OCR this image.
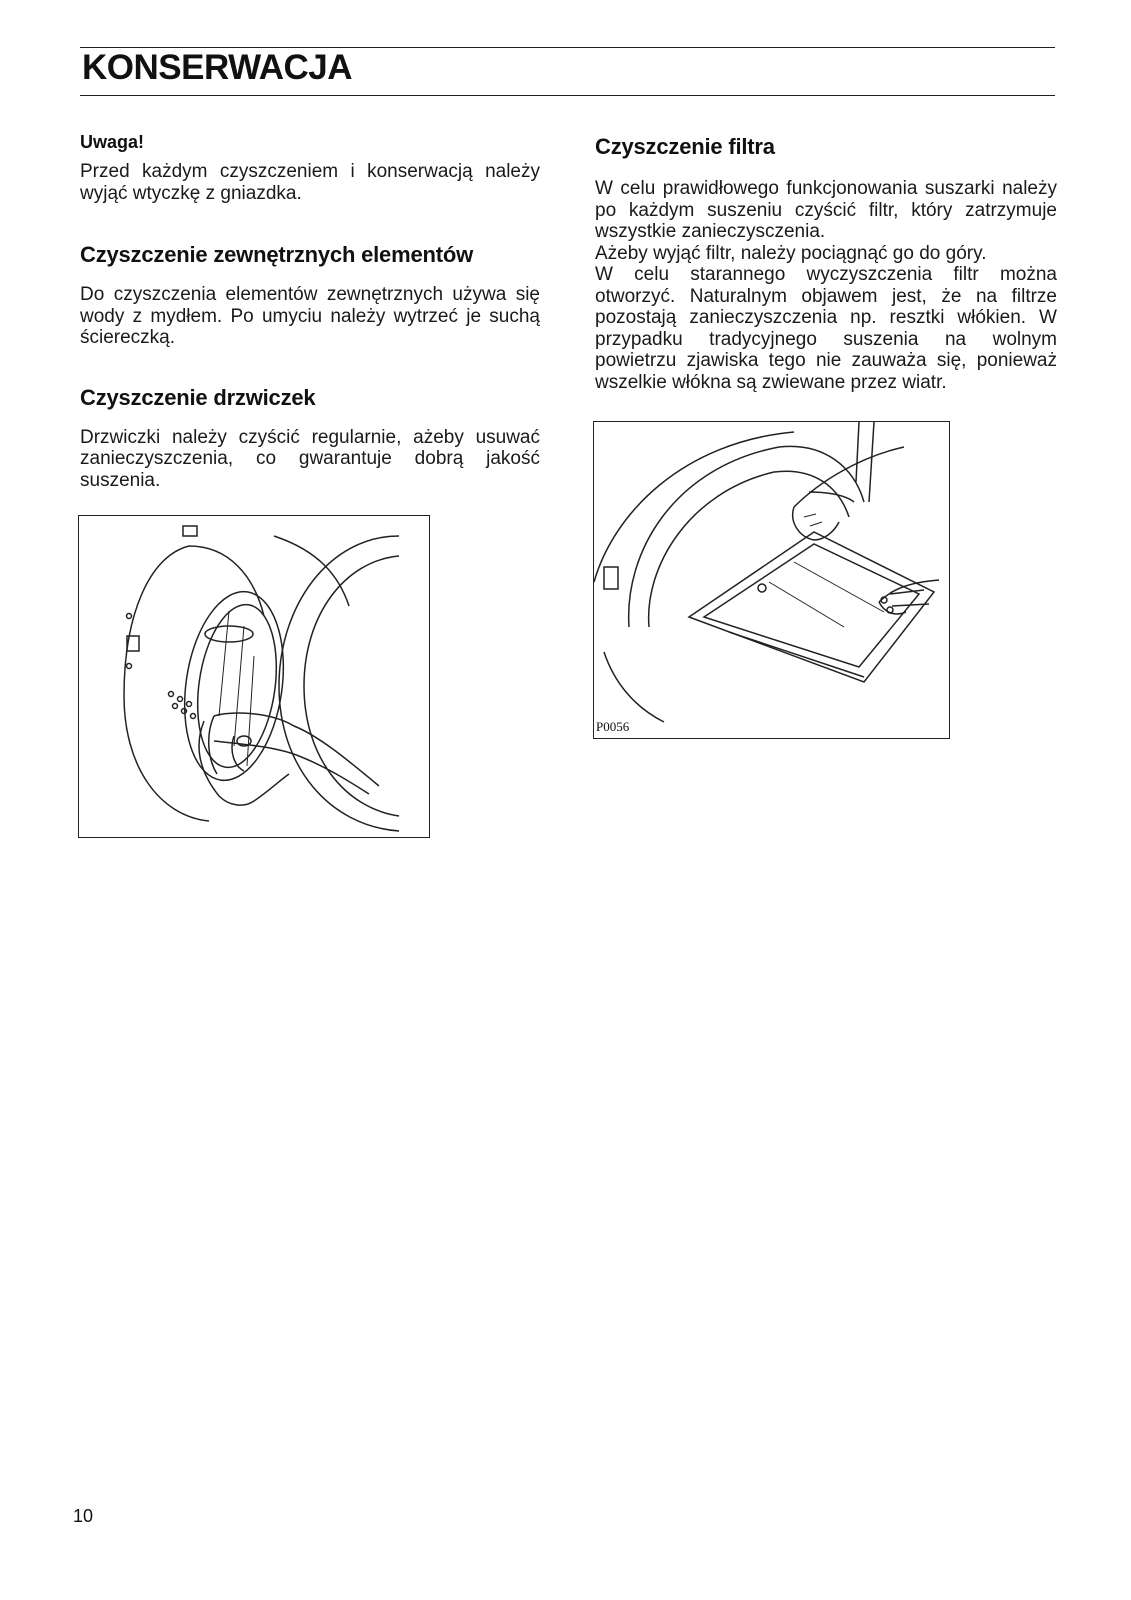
KONSERWACJA
Uwaga!

Przed każdym czyszczeniem i konserwacją należy wyjąć wtyczkę z gniazdka.

Czyszczenie zewnętrznych elementów

Do czyszczenia elementów zewnętrznych używa się wody z mydłem. Po umyciu należy wytrzeć je suchą ściereczką.

Czyszczenie drzwiczek

Drzwiczki należy czyścić regularnie, ażeby usuwać zanieczyszczenia, co gwarantuje dobrą jakość suszenia.

Czyszczenie filtra

W celu prawidłowego funkcjonowania suszarki należy po każdym suszeniu czyścić filtr, który zatrzymuje wszystkie zanieczysczenia.

Ażeby wyjąć filtr, należy pociągnąć go do góry.

W celu starannego wyczyszczenia filtr można otworzyć. Naturalnym objawem jest, że na filtrze pozostają zanieczyszczenia np. resztki włókien. W przypadku tradycyjnego suszenia na wolnym powietrzu zjawiska tego nie zauważa się, ponieważ wszelkie włókna są zwiewane przez wiatr.

P0056

10
